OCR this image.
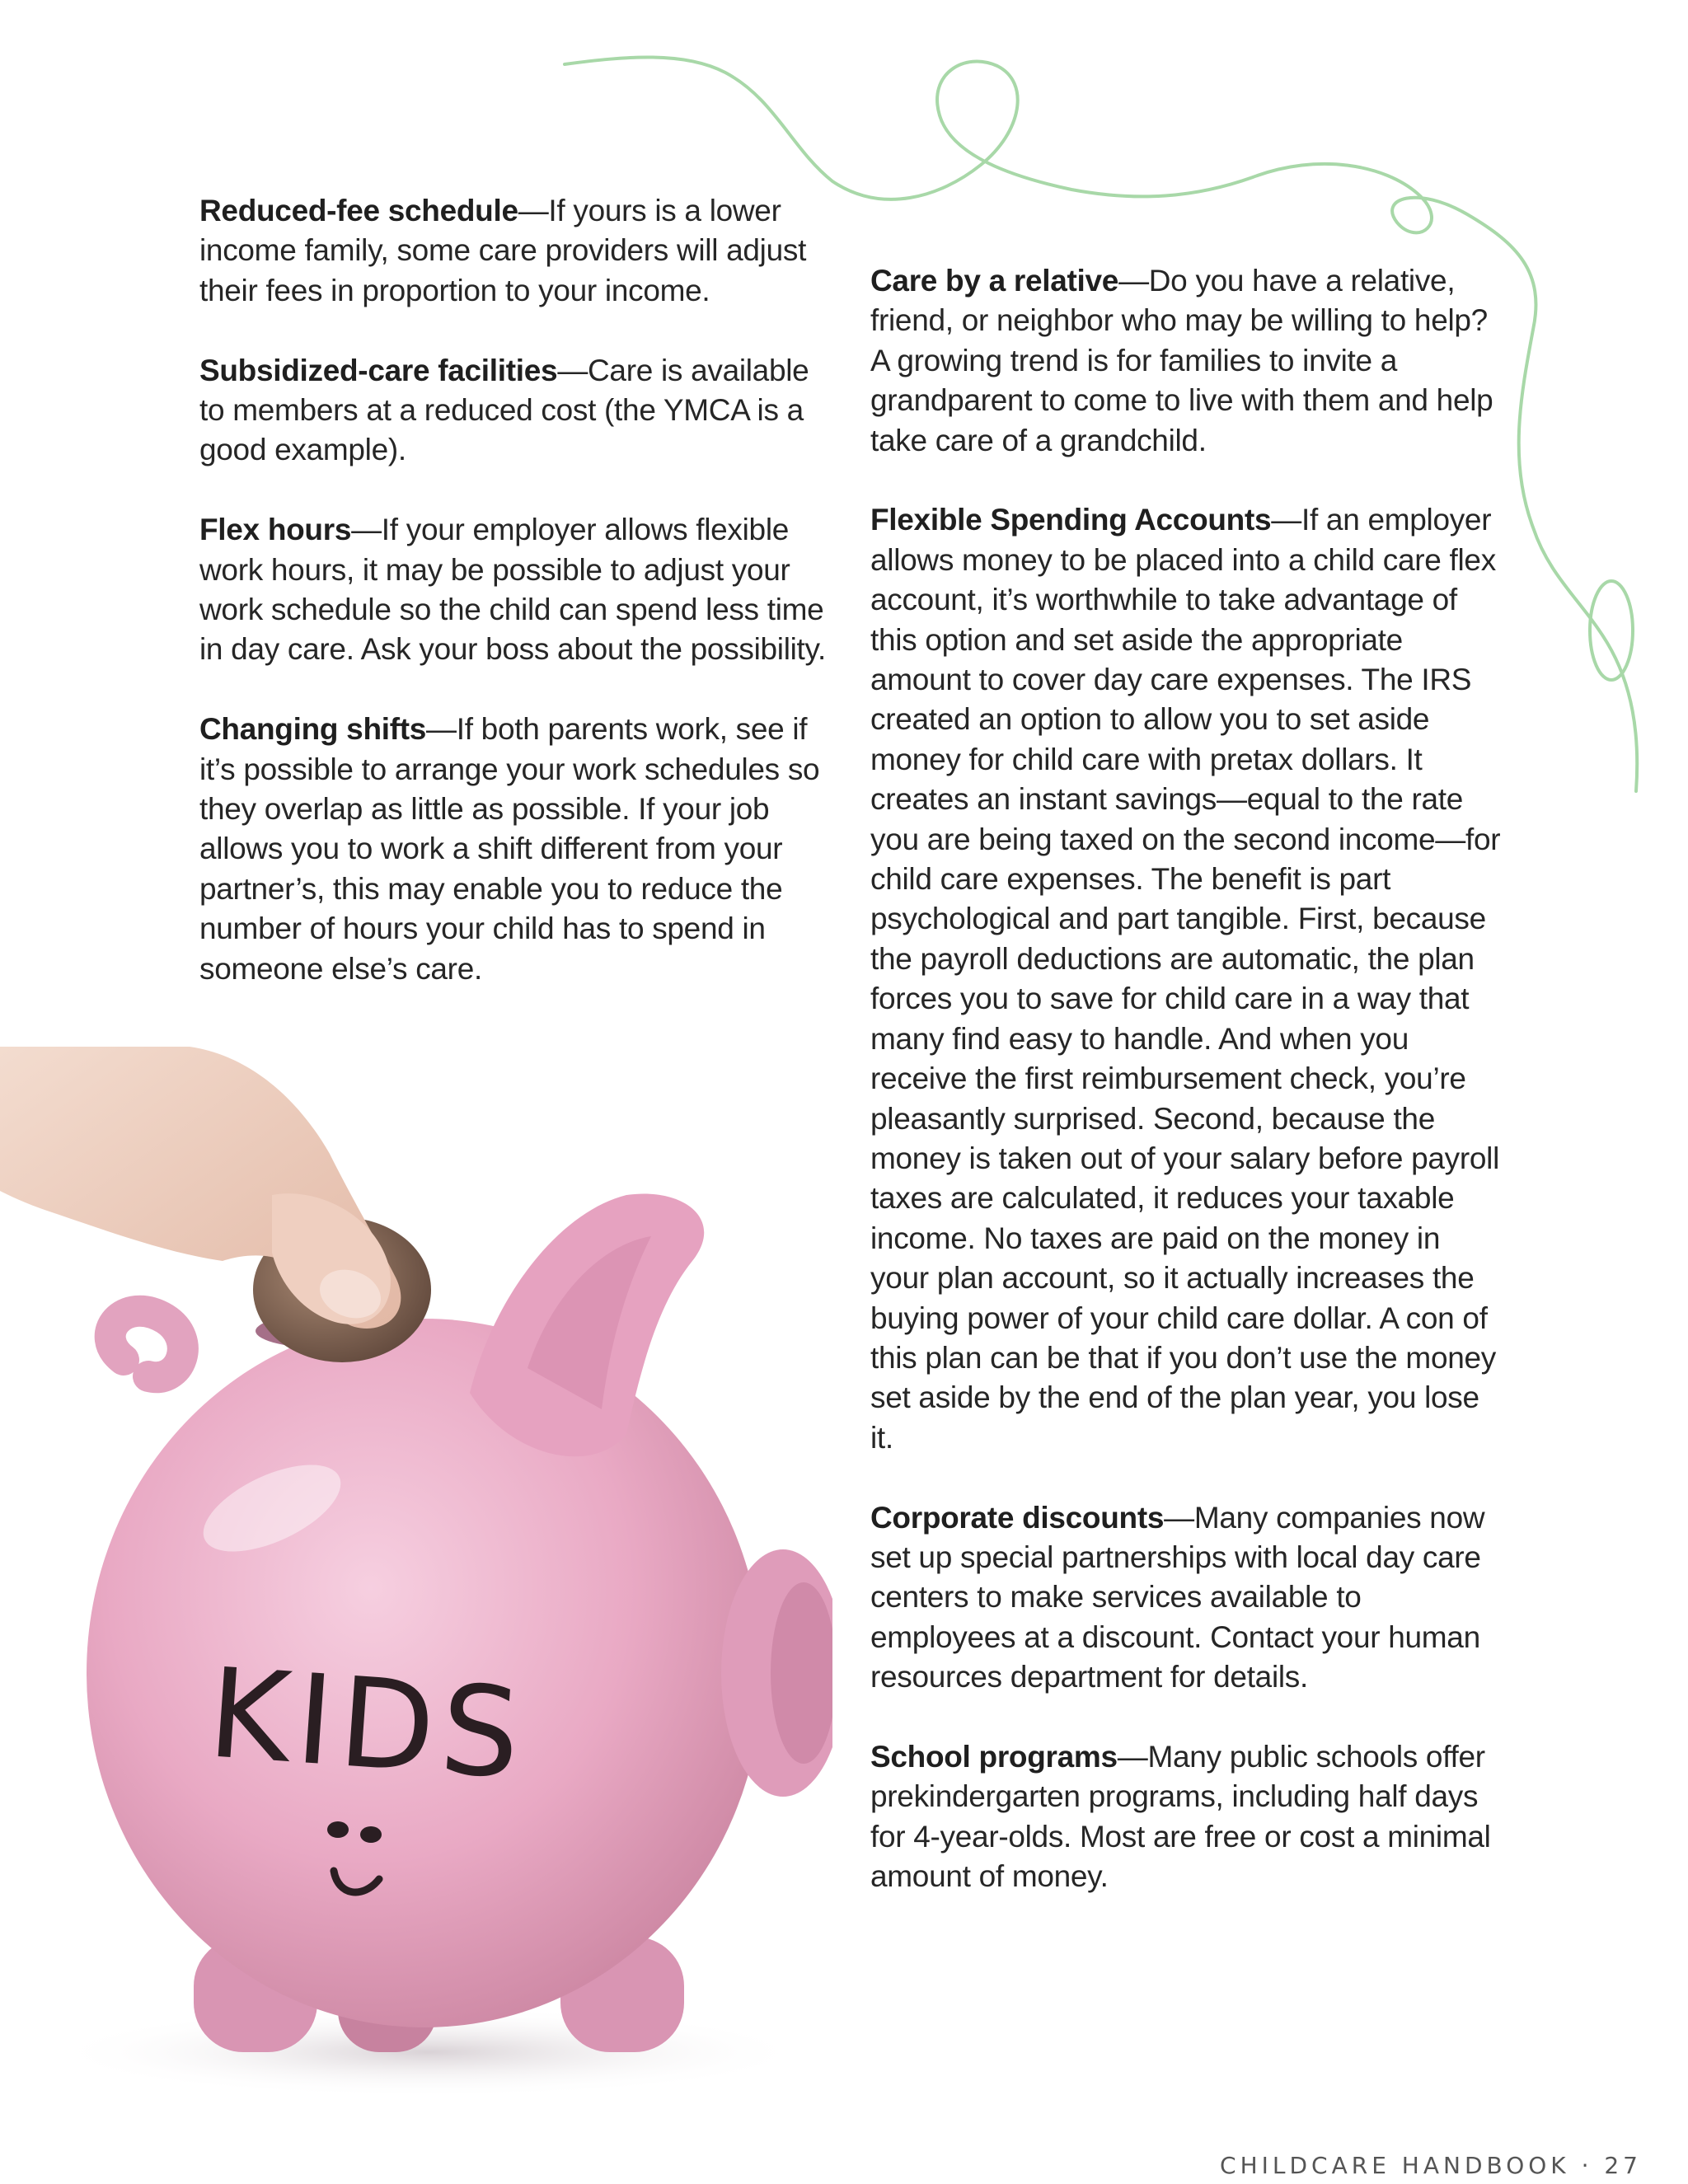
Reduced-fee schedule—If yours is a lower income family, some care providers will adjust their fees in proportion to your income.

Subsidized-care facilities—Care is available to members at a reduced cost (the YMCA is a good example).

Flex hours—If your employer allows flexible work hours, it may be possible to adjust your work schedule so the child can spend less time in day care. Ask your boss about the possibility.

Changing shifts—If both parents work, see if it’s possible to arrange your work schedules so they overlap as little as possible. If your job allows you to work a shift different from your partner’s, this may enable you to reduce the number of hours your child has to spend in someone else’s care.

Care by a relative—Do you have a relative, friend, or neighbor who may be willing to help? A growing trend is for families to invite a grandparent to come to live with them and help take care of a grandchild.

Flexible Spending Accounts—If an employer allows money to be placed into a child care flex account, it’s worthwhile to take advantage of this option and set aside the appropriate amount to cover day care expenses. The IRS created an option to allow you to set aside money for child care with pretax dollars. It creates an instant savings—equal to the rate you are being taxed on the second income—for child care expenses. The benefit is part psychological and part tangible. First, because the payroll deductions are automatic, the plan forces you to save for child care in a way that many find easy to handle. And when you receive the first reimbursement check, you’re pleasantly surprised. Second, because the money is taken out of your salary before payroll taxes are calculated, it reduces your taxable income. No taxes are paid on the money in your plan account, so it actually increases the buying power of your child care dollar. A con of this plan can be that if you don’t use the money set aside by the end of the plan year, you lose it.

Corporate discounts—Many companies now set up special partnerships with local day care centers to make services available to employees at a discount. Contact your human resources department for details.

School programs—Many public schools offer prekindergarten programs, including half days for 4-year-olds. Most are free or cost a minimal amount of money.

KIDS
CHILDCARE HANDBOOK · 27
